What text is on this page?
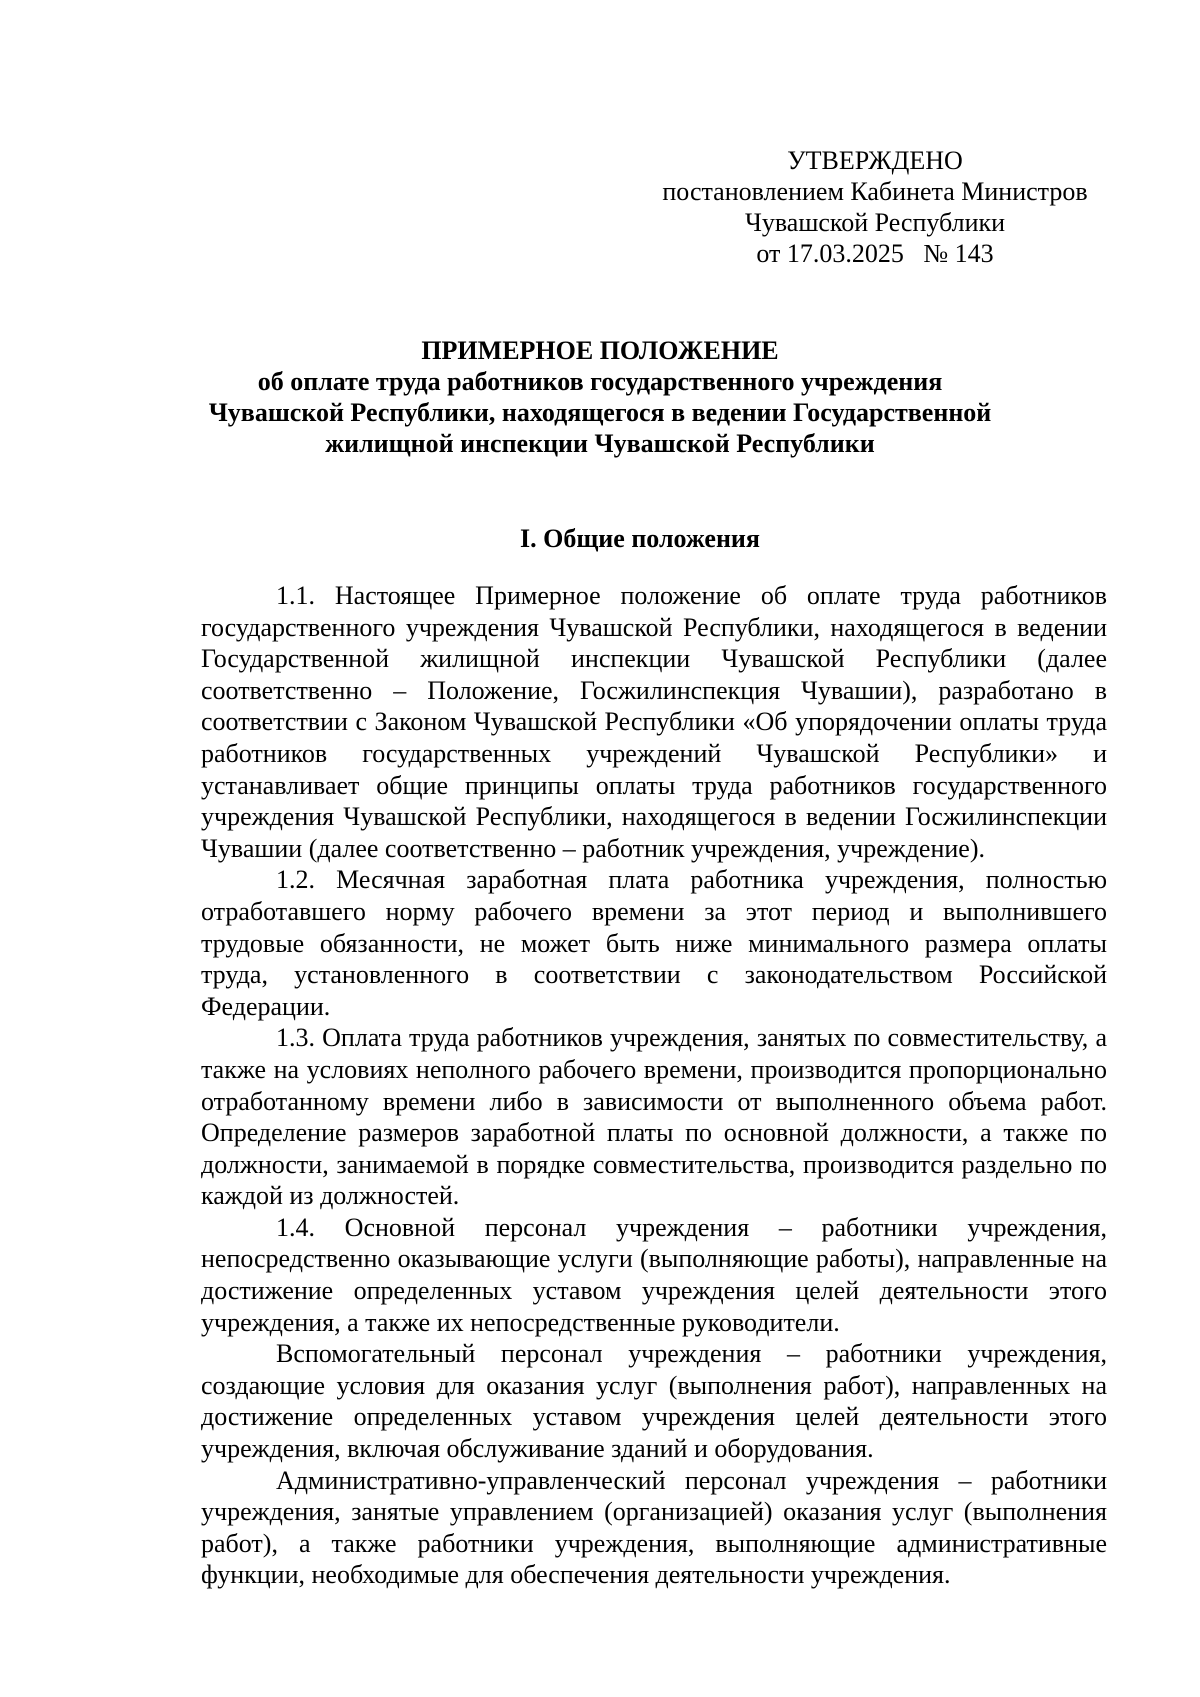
УТВЕРЖДЕНО
постановлением Кабинета Министров
Чувашской Республики
от 17.03.2025   № 143
ПРИМЕРНОЕ ПОЛОЖЕНИЕ
об оплате труда работников государственного учреждения
Чувашской Республики, находящегося в ведении Государственной
жилищной инспекции Чувашской Республики
I. Общие положения

1.1. Настоящее Примерное положение об оплате труда работников государственного учреждения Чувашской Республики, находящегося в ведении Государственной жилищной инспекции Чувашской Республики (далее соответственно – Положение, Госжилинспекция Чувашии), разработано в соответствии с Законом Чувашской Республики «Об упорядочении оплаты труда работников государственных учреждений Чувашской Республики» и устанавливает общие принципы оплаты труда работников государственного учреждения Чувашской Республики, находящегося в ведении Госжилинспекции Чувашии (далее соответственно – работник учреждения, учреждение).

1.2. Месячная заработная плата работника учреждения, полностью отработавшего норму рабочего времени за этот период и выполнившего трудовые обязанности, не может быть ниже минимального размера оплаты труда, установленного в соответствии с законодательством Российской Федерации.

1.3. Оплата труда работников учреждения, занятых по совместительству, а также на условиях неполного рабочего времени, производится пропорционально отработанному времени либо в зависимости от выполненного объема работ. Определение размеров заработной платы по основной должности, а также по должности, занимаемой в порядке совместительства, производится раздельно по каждой из должностей.

1.4. Основной персонал учреждения – работники учреждения, непосредственно оказывающие услуги (выполняющие работы), направленные на достижение определенных уставом учреждения целей деятельности этого учреждения, а также их непосредственные руководители.

Вспомогательный персонал учреждения – работники учреждения, создающие условия для оказания услуг (выполнения работ), направленных на достижение определенных уставом учреждения целей деятельности этого учреждения, включая обслуживание зданий и оборудования.

Административно-управленческий персонал учреждения – работники учреждения, занятые управлением (организацией) оказания услуг (выполнения работ), а также работники учреждения, выполняющие административные функции, необходимые для обеспечения деятельности учреждения.
